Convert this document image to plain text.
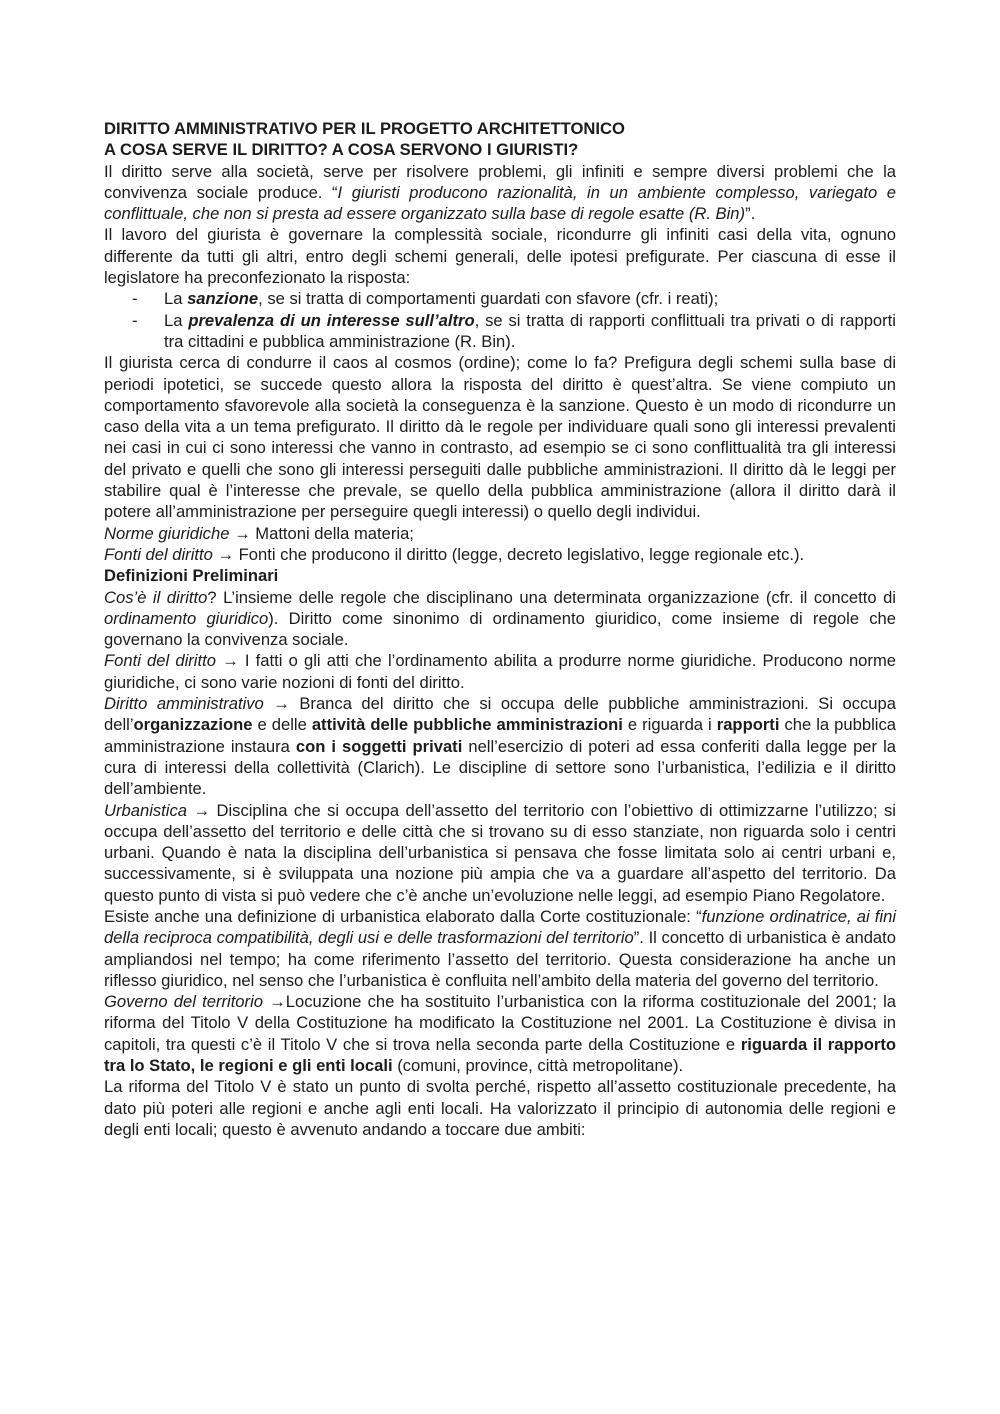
DIRITTO AMMINISTRATIVO PER IL PROGETTO ARCHITETTONICO

A COSA SERVE IL DIRITTO? A COSA SERVONO I GIURISTI?

Il diritto serve alla società, serve per risolvere problemi, gli infiniti e sempre diversi problemi che la convivenza sociale produce. “I giuristi producono razionalità, in un ambiente complesso, variegato e conflittuale, che non si presta ad essere organizzato sulla base di regole esatte (R. Bin)”.

Il lavoro del giurista è governare la complessità sociale, ricondurre gli infiniti casi della vita, ognuno differente da tutti gli altri, entro degli schemi generali, delle ipotesi prefigurate. Per ciascuna di esse il legislatore ha preconfezionato la risposta:

- La sanzione, se si tratta di comportamenti guardati con sfavore (cfr. i reati);
- La prevalenza di un interesse sull’altro, se si tratta di rapporti conflittuali tra privati o di rapporti tra cittadini e pubblica amministrazione (R. Bin).

Il giurista cerca di condurre il caos al cosmos (ordine); come lo fa? Prefigura degli schemi sulla base di periodi ipotetici, se succede questo allora la risposta del diritto è quest’altra. Se viene compiuto un comportamento sfavorevole alla società la conseguenza è la sanzione. Questo è un modo di ricondurre un caso della vita a un tema prefigurato. Il diritto dà le regole per individuare quali sono gli interessi prevalenti nei casi in cui ci sono interessi che vanno in contrasto, ad esempio se ci sono conflittualità tra gli interessi del privato e quelli che sono gli interessi perseguiti dalle pubbliche amministrazioni. Il diritto dà le leggi per stabilire qual è l’interesse che prevale, se quello della pubblica amministrazione (allora il diritto darà il potere all’amministrazione per perseguire quegli interessi) o quello degli individui.

Norme giuridiche → Mattoni della materia;

Fonti del diritto → Fonti che producono il diritto (legge, decreto legislativo, legge regionale etc.).

Definizioni Preliminari

Cos’è il diritto? L’insieme delle regole che disciplinano una determinata organizzazione (cfr. il concetto di ordinamento giuridico). Diritto come sinonimo di ordinamento giuridico, come insieme di regole che governano la convivenza sociale.

Fonti del diritto → I fatti o gli atti che l’ordinamento abilita a produrre norme giuridiche. Producono norme giuridiche, ci sono varie nozioni di fonti del diritto.

Diritto amministrativo → Branca del diritto che si occupa delle pubbliche amministrazioni. Si occupa dell’organizzazione e delle attività delle pubbliche amministrazioni e riguarda i rapporti che la pubblica amministrazione instaura con i soggetti privati nell’esercizio di poteri ad essa conferiti dalla legge per la cura di interessi della collettività (Clarich). Le discipline di settore sono l’urbanistica, l’edilizia e il diritto dell’ambiente.

Urbanistica → Disciplina che si occupa dell’assetto del territorio con l’obiettivo di ottimizzarne l’utilizzo; si occupa dell’assetto del territorio e delle città che si trovano su di esso stanziate, non riguarda solo i centri urbani. Quando è nata la disciplina dell’urbanistica si pensava che fosse limitata solo ai centri urbani e, successivamente, si è sviluppata una nozione più ampia che va a guardare all’aspetto del territorio. Da questo punto di vista si può vedere che c’è anche un’evoluzione nelle leggi, ad esempio Piano Regolatore.

Esiste anche una definizione di urbanistica elaborato dalla Corte costituzionale: “funzione ordinatrice, ai fini della reciproca compatibilità, degli usi e delle trasformazioni del territorio”. Il concetto di urbanistica è andato ampliandosi nel tempo; ha come riferimento l’assetto del territorio. Questa considerazione ha anche un riflesso giuridico, nel senso che l’urbanistica è confluita nell’ambito della materia del governo del territorio.

Governo del territorio →Locuzione che ha sostituito l’urbanistica con la riforma costituzionale del 2001; la riforma del Titolo V della Costituzione ha modificato la Costituzione nel 2001. La Costituzione è divisa in capitoli, tra questi c’è il Titolo V che si trova nella seconda parte della Costituzione e riguarda il rapporto tra lo Stato, le regioni e gli enti locali (comuni, province, città metropolitane).

La riforma del Titolo V è stato un punto di svolta perché, rispetto all’assetto costituzionale precedente, ha dato più poteri alle regioni e anche agli enti locali. Ha valorizzato il principio di autonomia delle regioni e degli enti locali; questo è avvenuto andando a toccare due ambiti:
